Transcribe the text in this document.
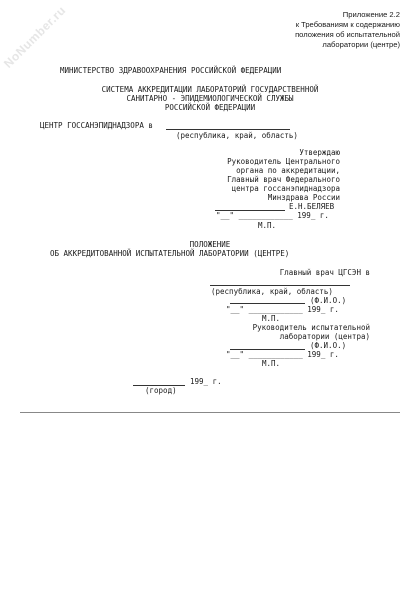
NoNumber.ru	Приложение 2.2
к Требованиям к содержанию
положения об испытательной
лаборатории (центре)
МИНИСТЕРСТВО ЗДРАВООХРАНЕНИЯ РОССИЙСКОЙ ФЕДЕРАЦИИ
СИСТЕМА АККРЕДИТАЦИИ ЛАБОРАТОРИЙ ГОСУДАРСТВЕННОЙ
САНИТАРНО - ЭПИДЕМИОЛОГИЧЕСКОЙ СЛУЖБЫ
РОССИЙСКОЙ ФЕДЕРАЦИИ
ЦЕНТР ГОССАНЭПИДНАДЗОРА в
(республика, край, область)
Утверждаю
Руководитель Центрального
органа по аккредитации,
Главный врач Федерального
центра госсанэпиднадзора
Минздрава России
Е.Н.БЕЛЯЕВ
"__" ____________ 199_ г.
М.П.
ПОЛОЖЕНИЕ
ОБ АККРЕДИТОВАННОЙ ИСПЫТАТЕЛЬНОЙ ЛАБОРАТОРИИ (ЦЕНТРЕ)
Главный врач ЦГСЭН в
(республика, край, область)
(Ф.И.О.)
"__" ____________ 199_ г.
М.П.
Руководитель испытательной
лаборатории (центра)
(Ф.И.О.)
"__" ____________ 199_ г.
М.П.
199_ г.
(город)
